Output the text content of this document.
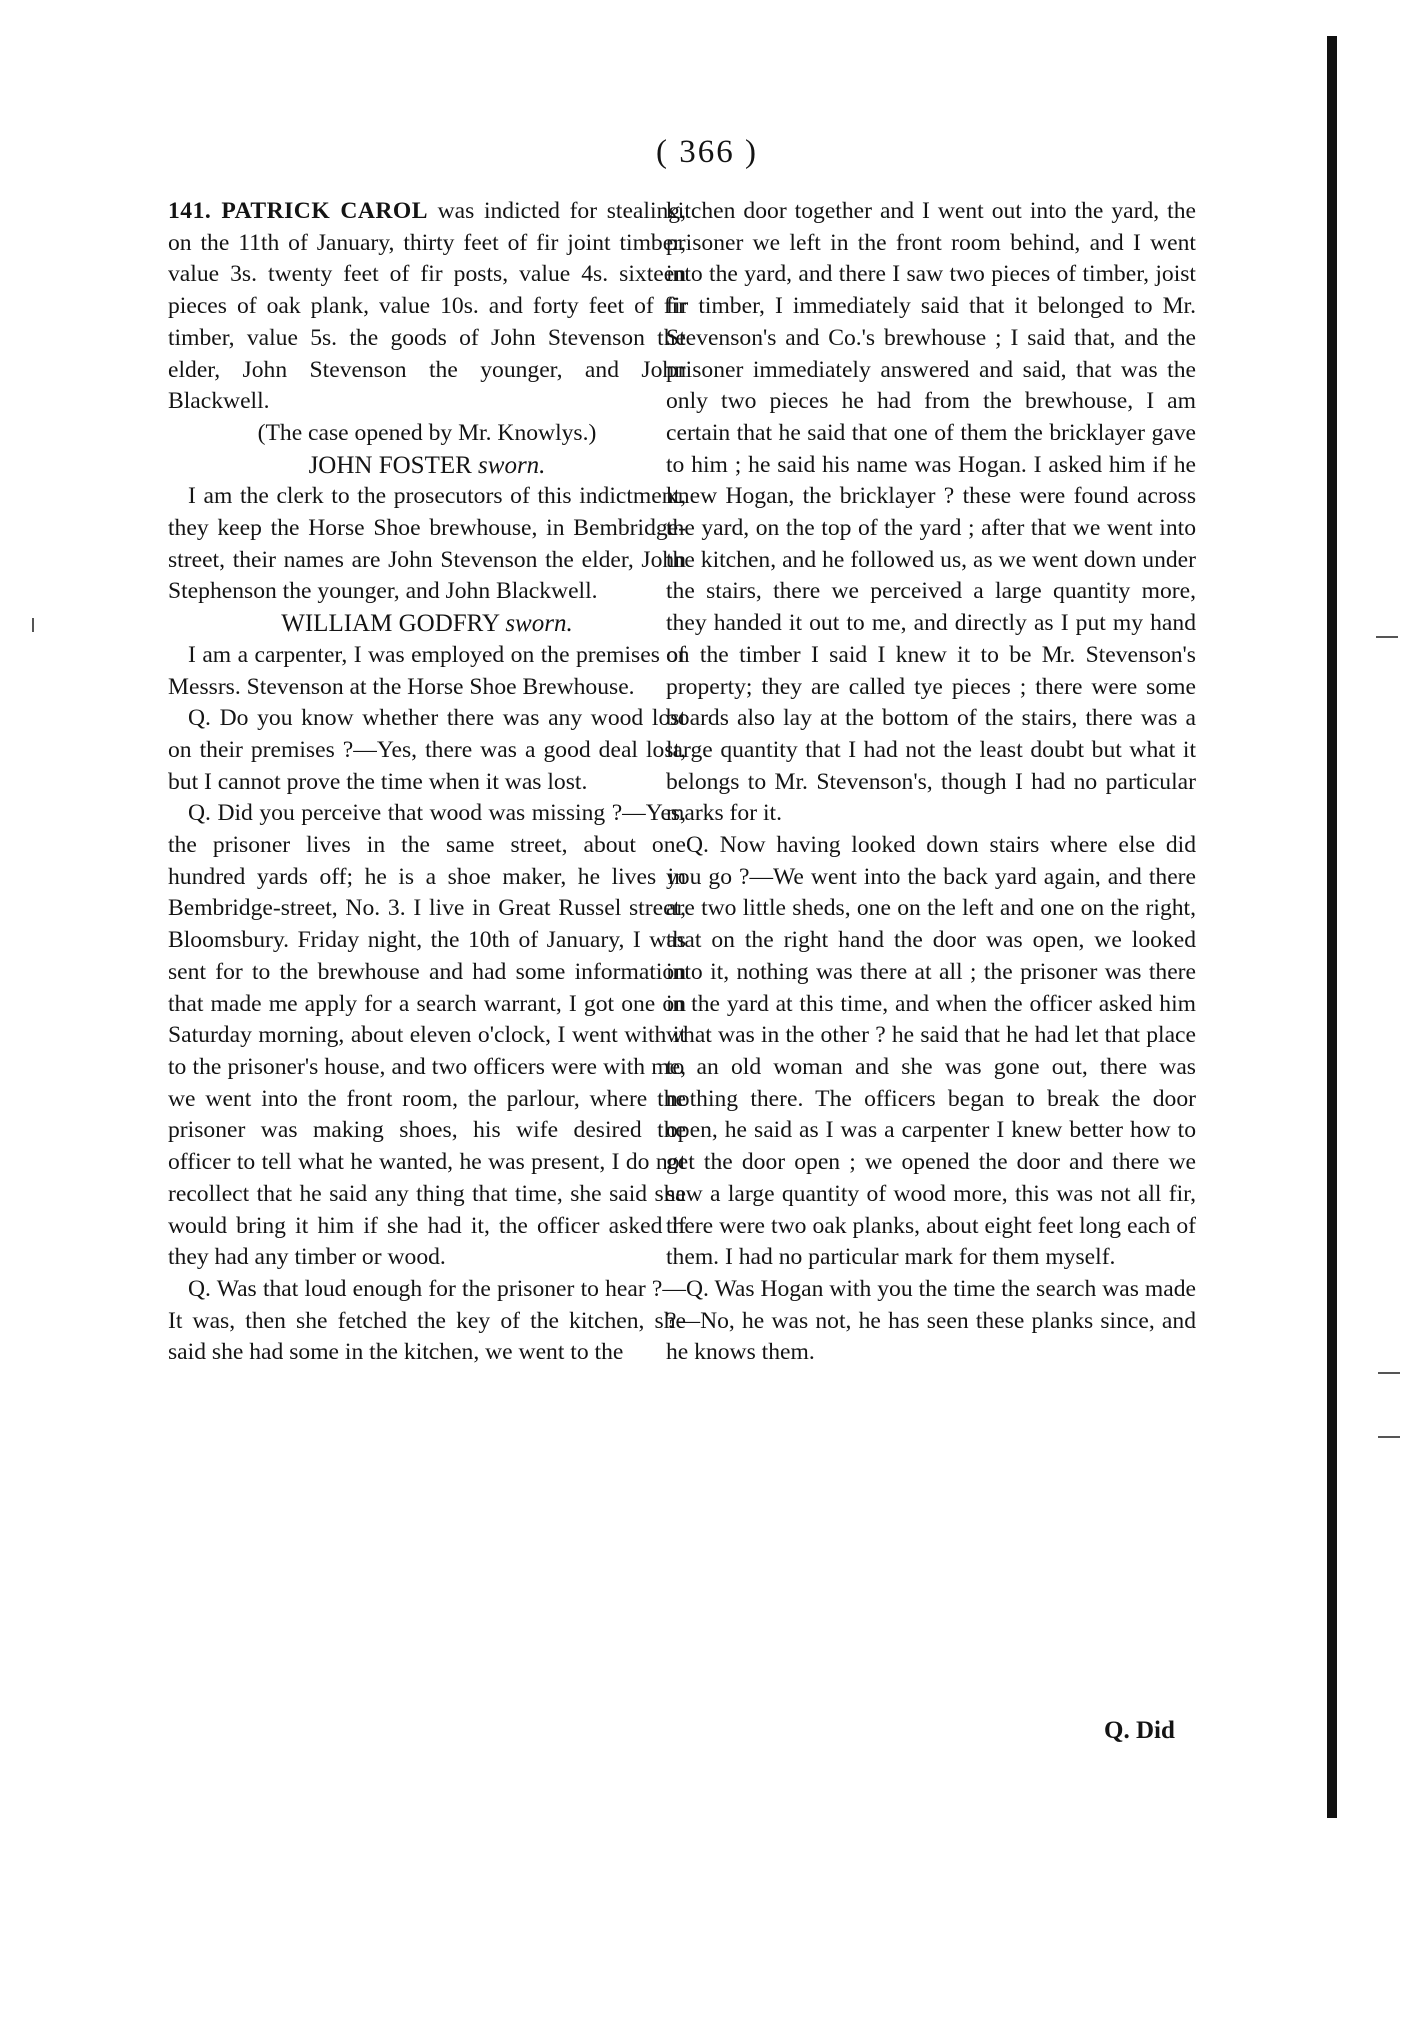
( 366 )

141. PATRICK CAROL was indicted for stealing, on the 11th of January, thirty feet of fir joint timber, value 3s. twenty feet of fir posts, value 4s. sixteen pieces of oak plank, value 10s. and forty feet of fir timber, value 5s. the goods of John Stevenson the elder, John Stevenson the younger, and John Blackwell.

(The case opened by Mr. Knowlys.)

JOHN FOSTER sworn.

I am the clerk to the prosecutors of this indictment, they keep the Horse Shoe brewhouse, in Bembridge-street, their names are John Stevenson the elder, John Stephenson the younger, and John Blackwell.

WILLIAM GODFRY sworn.

I am a carpenter, I was employed on the premises of Messrs. Stevenson at the Horse Shoe Brewhouse.

Q. Do you know whether there was any wood lost on their premises ?—Yes, there was a good deal lost, but I cannot prove the time when it was lost.

Q. Did you perceive that wood was missing ?—Yes, the prisoner lives in the same street, about one hundred yards off; he is a shoe maker, he lives in Bembridge-street, No. 3. I live in Great Russel street, Bloomsbury. Friday night, the 10th of January, I was sent for to the brewhouse and had some information that made me apply for a search warrant, I got one on Saturday morning, about eleven o'clock, I went with it to the prisoner's house, and two officers were with me, we went into the front room, the parlour, where the prisoner was making shoes, his wife desired the officer to tell what he wanted, he was present, I do not recollect that he said any thing that time, she said she would bring it him if she had it, the officer asked if they had any timber or wood.

Q. Was that loud enough for the prisoner to hear ?— It was, then she fetched the key of the kitchen, she said she had some in the kitchen, we went to the

kitchen door together and I went out into the yard, the prisoner we left in the front room behind, and I went into the yard, and there I saw two pieces of timber, joist fir timber, I immediately said that it belonged to Mr. Stevenson's and Co.'s brewhouse ; I said that, and the prisoner immediately answered and said, that was the only two pieces he had from the brewhouse, I am certain that he said that one of them the bricklayer gave to him ; he said his name was Hogan. I asked him if he knew Hogan, the bricklayer ? these were found across the yard, on the top of the yard ; after that we went into the kitchen, and he followed us, as we went down under the stairs, there we perceived a large quantity more, they handed it out to me, and directly as I put my hand on the timber I said I knew it to be Mr. Stevenson's property; they are called tye pieces ; there were some boards also lay at the bottom of the stairs, there was a large quantity that I had not the least doubt but what it belongs to Mr. Stevenson's, though I had no particular marks for it.

Q. Now having looked down stairs where else did you go ?—We went into the back yard again, and there are two little sheds, one on the left and one on the right, that on the right hand the door was open, we looked into it, nothing was there at all ; the prisoner was there in the yard at this time, and when the officer asked him what was in the other ? he said that he had let that place to an old woman and she was gone out, there was nothing there. The officers began to break the door open, he said as I was a carpenter I knew better how to get the door open ; we opened the door and there we saw a large quantity of wood more, this was not all fir, there were two oak planks, about eight feet long each of them. I had no particular mark for them myself.

Q. Was Hogan with you the time the search was made ?—No, he was not, he has seen these planks since, and he knows them.

Q. Did
